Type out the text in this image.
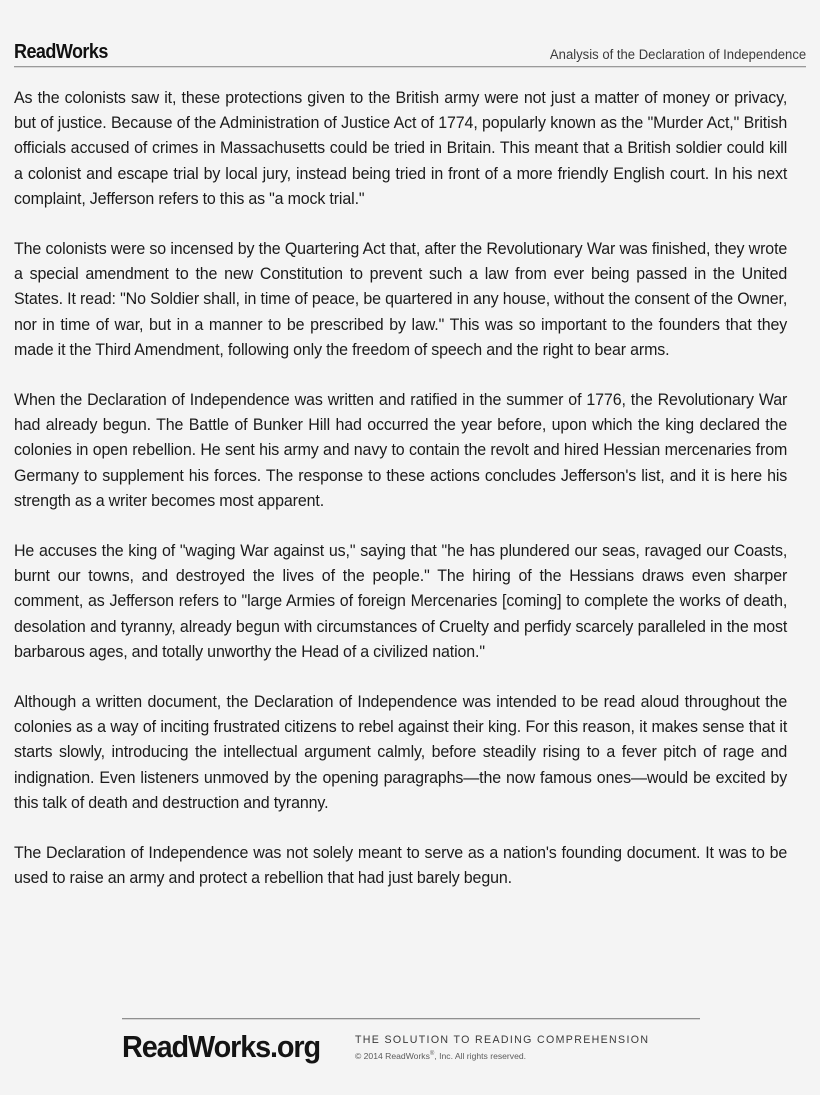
ReadWorks	Analysis of the Declaration of Independence

As the colonists saw it, these protections given to the British army were not just a matter of money or privacy, but of justice. Because of the Administration of Justice Act of 1774, popularly known as the "Murder Act," British officials accused of crimes in Massachusetts could be tried in Britain. This meant that a British soldier could kill a colonist and escape trial by local jury, instead being tried in front of a more friendly English court. In his next complaint, Jefferson refers to this as "a mock trial."

The colonists were so incensed by the Quartering Act that, after the Revolutionary War was finished, they wrote a special amendment to the new Constitution to prevent such a law from ever being passed in the United States. It read: "No Soldier shall, in time of peace, be quartered in any house, without the consent of the Owner, nor in time of war, but in a manner to be prescribed by law." This was so important to the founders that they made it the Third Amendment, following only the freedom of speech and the right to bear arms.

When the Declaration of Independence was written and ratified in the summer of 1776, the Revolutionary War had already begun. The Battle of Bunker Hill had occurred the year before, upon which the king declared the colonies in open rebellion. He sent his army and navy to contain the revolt and hired Hessian mercenaries from Germany to supplement his forces. The response to these actions concludes Jefferson's list, and it is here his strength as a writer becomes most apparent.

He accuses the king of "waging War against us," saying that "he has plundered our seas, ravaged our Coasts, burnt our towns, and destroyed the lives of the people." The hiring of the Hessians draws even sharper comment, as Jefferson refers to "large Armies of foreign Mercenaries [coming] to complete the works of death, desolation and tyranny, already begun with circumstances of Cruelty and perfidy scarcely paralleled in the most barbarous ages, and totally unworthy the Head of a civilized nation."

Although a written document, the Declaration of Independence was intended to be read aloud throughout the colonies as a way of inciting frustrated citizens to rebel against their king. For this reason, it makes sense that it starts slowly, introducing the intellectual argument calmly, before steadily rising to a fever pitch of rage and indignation. Even listeners unmoved by the opening paragraphs—the now famous ones—would be excited by this talk of death and destruction and tyranny.

The Declaration of Independence was not solely meant to serve as a nation's founding document. It was to be used to raise an army and protect a rebellion that had just barely begun.

ReadWorks.org	THE SOLUTION TO READING COMPREHENSION
© 2014 ReadWorks®, Inc. All rights reserved.
